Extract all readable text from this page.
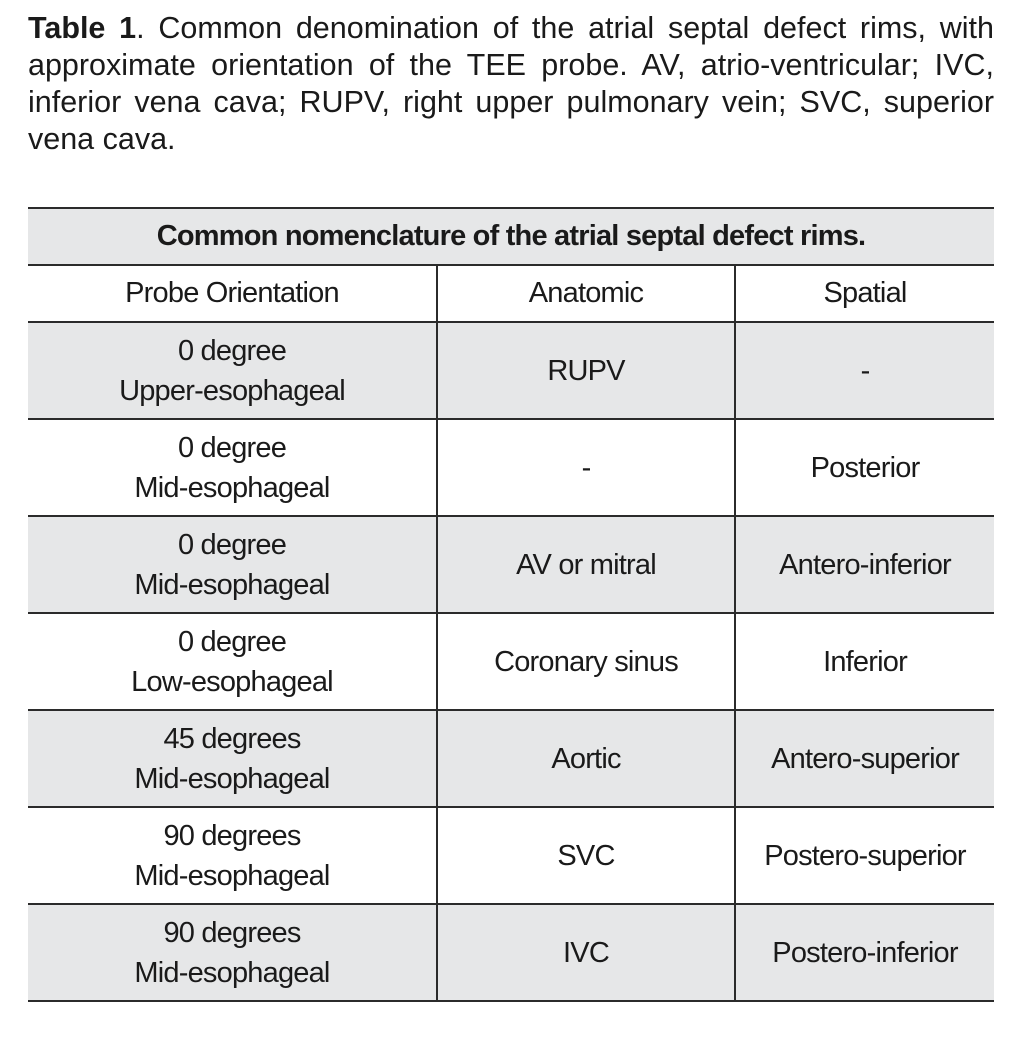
Table 1. Common denomination of the atrial septal defect rims, with approximate orientation of the TEE probe. AV, atrio-ventricular; IVC, inferior vena cava; RUPV, right upper pulmonary vein; SVC, superior vena cava.

Common nomenclature of the atrial septal defect rims.		
Probe Orientation	Anatomic	Spatial

0 degree
Upper-esophageal	RUPV	-

0 degree
Mid-esophageal	-	Posterior

0 degree
Mid-esophageal	AV or mitral	Antero-inferior

0 degree
Low-esophageal	Coronary sinus	Inferior

45 degrees
Mid-esophageal	Aortic	Antero-superior

90 degrees
Mid-esophageal	SVC	Postero-superior

90 degrees
Mid-esophageal	IVC	Postero-inferior
